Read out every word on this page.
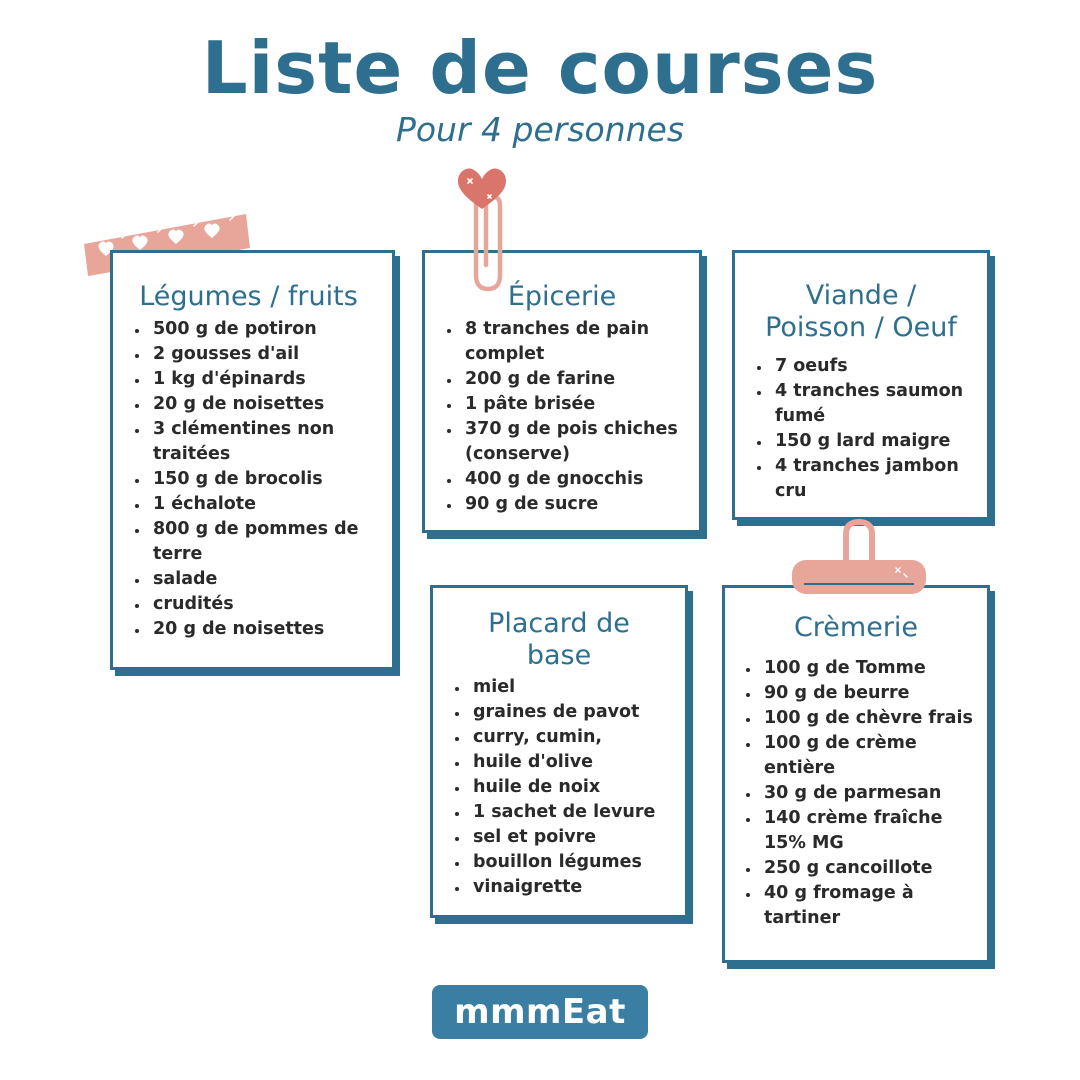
Liste de courses

Pour 4 personnes

Légumes / fruits
• 500 g de potiron
• 2 gousses d'ail
• 1 kg d'épinards
• 20 g de noisettes
• 3 clémentines non traitées
• 150 g de brocolis
• 1 échalote
• 800 g de pommes de terre
• salade
• crudités
• 20 g de noisettes
Épicerie
• 8 tranches de pain complet
• 200 g de farine
• 1 pâte brisée
• 370 g de pois chiches (conserve)
• 400 g de gnocchis
• 90 g de sucre
Viande /
Poisson / Oeuf
• 7 oeufs
• 4 tranches saumon fumé
• 150 g lard maigre
• 4 tranches jambon cru
Placard de
base
• miel
• graines de pavot
• curry, cumin,
• huile d'olive
• huile de noix
• 1 sachet de levure
• sel et poivre
• bouillon légumes
• vinaigrette
Crèmerie
• 100 g de Tomme
• 90 g de beurre
• 100 g de chèvre frais
• 100 g de crème entière
• 30 g de parmesan
• 140 crème fraîche 15% MG
• 250 g cancoillote
• 40 g fromage à tartiner
mmmEat
